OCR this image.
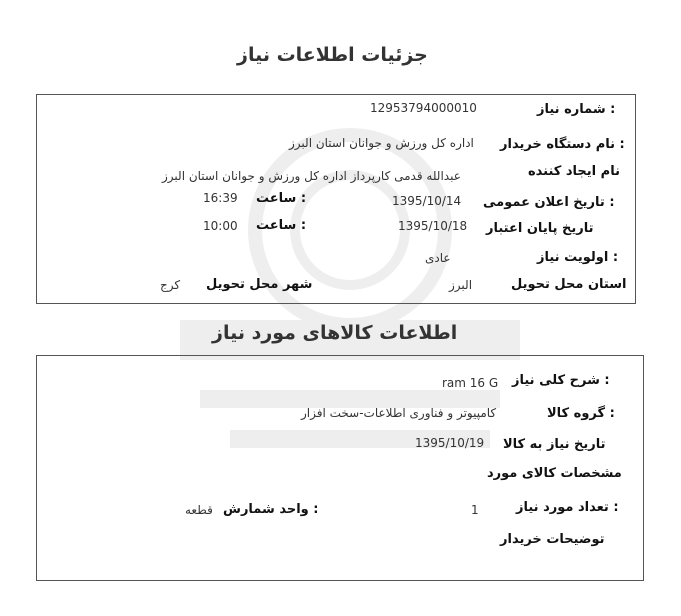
جزئیات اطلاعات نیاز
شماره نیاز :
12953794000010
نام دستگاه خریدار :
اداره کل ورزش و جوانان استان البرز
نام ایجاد کننده
عبدالله قدمی کارپرداز اداره کل ورزش و جوانان استان البرز
تاریخ اعلان عمومی :
1395/10/14
ساعت :
16:39
تاریخ پایان اعتبار
1395/10/18
ساعت :
10:00
اولویت نیاز :
عادی
استان محل تحویل
البرز
شهر محل تحویل
کرج
اطلاعات کالاهای مورد نیاز
شرح کلی نیاز :
ram 16 G
گروه کالا :
کامپیوتر و فناوری اطلاعات-سخت افزار
تاریخ نیاز به کالا
1395/10/19
مشخصات کالای مورد
تعداد مورد نیاز :
1
واحد شمارش :
قطعه
توضیحات خریدار
